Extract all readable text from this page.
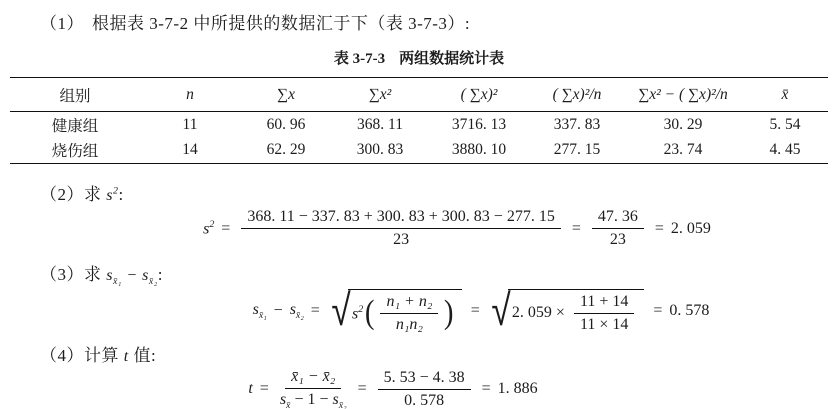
（1） 根据表 3-7-2 中所提供的数据汇于下（表 3-7-3）:

表 3-7-3 两组数据统计表
组别	n	∑x	∑x²	( ∑x)²	( ∑x)²/n	∑x² − ( ∑x)²/n	x̄
健康组	11	60. 96	368. 11	3716. 13	337. 83	30. 29	5. 54
烧伤组	14	62. 29	300. 83	3880. 10	277. 15	23. 74	4. 45
（2）求 $s^2$:
$s^2 = \frac{368. 11 - 337. 83 + 300. 83 + 300. 83 - 277. 15}{23} = \frac{47. 36}{23} = 2$. 059
（3）求 $s_{x̄_1} - s_{x̄_2}$:
$s_{x̄_1} - s_{x̄_2}$ = √ $s^2$ ( $\frac{\text{n₁ + n₂}}{\text{n₁n₂}}$ ) = √ 2. $059 \times \frac{11 + 14}{11 \times 14} = 0$. 578
（4）计算 t 值:
$t = \frac{\text{x̄₁ − x̄₂}}{s_{x̄} - 1 - s_{x̄_2}} = \frac{5. 53 - 4. 38}{0. 578} = 1$. 886
